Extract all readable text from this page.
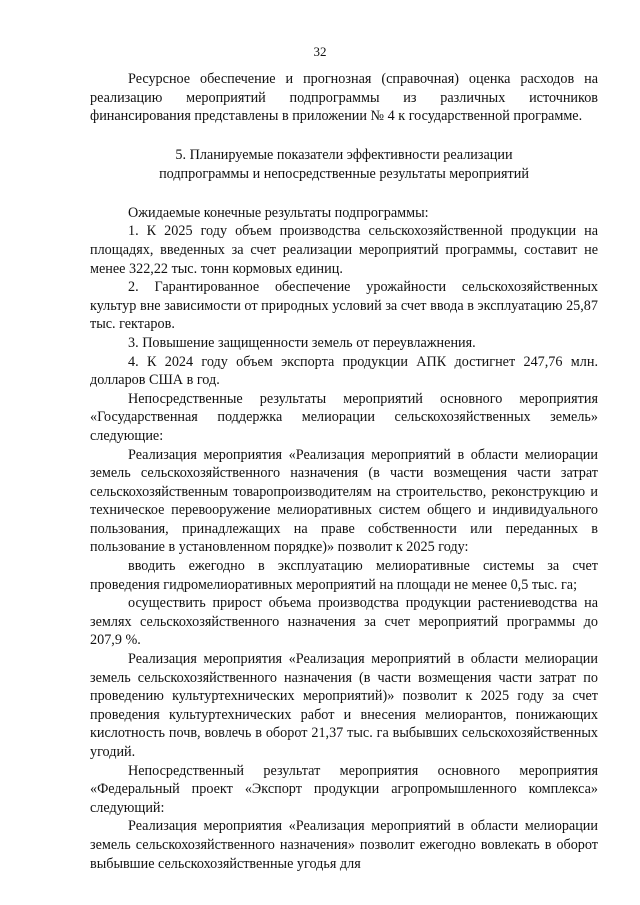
32

Ресурсное обеспечение и прогнозная (справочная) оценка расходов на реализацию мероприятий подпрограммы из различных источников финансирования представлены в приложении № 4 к государственной программе.

5. Планируемые показатели эффективности реализации
подпрограммы и непосредственные результаты мероприятий

Ожидаемые конечные результаты подпрограммы:

1. К 2025 году объем производства сельскохозяйственной продукции на площадях, введенных за счет реализации мероприятий программы, составит не менее 322,22 тыс. тонн кормовых единиц.

2. Гарантированное обеспечение урожайности сельскохозяйственных культур вне зависимости от природных условий за счет ввода в эксплуатацию 25,87 тыс. гектаров.

3. Повышение защищенности земель от переувлажнения.

4. К 2024 году объем экспорта продукции АПК достигнет 247,76 млн. долларов США в год.

Непосредственные результаты мероприятий основного мероприятия «Государственная поддержка мелиорации сельскохозяйственных земель» следующие:

Реализация мероприятия «Реализация мероприятий в области мелиорации земель сельскохозяйственного назначения (в части возмещения части затрат сельскохозяйственным товаропроизводителям на строительство, реконструкцию и техническое перевооружение мелиоративных систем общего и индивидуального пользования, принадлежащих на праве собственности или переданных в пользование в установленном порядке)» позволит к 2025 году:

вводить ежегодно в эксплуатацию мелиоративные системы за счет проведения гидромелиоративных мероприятий на площади не менее 0,5 тыс. га;

осуществить прирост объема производства продукции растениеводства на землях сельскохозяйственного назначения за счет мероприятий программы до 207,9 %.

Реализация мероприятия «Реализация мероприятий в области мелиорации земель сельскохозяйственного назначения (в части возмещения части затрат по проведению культуртехнических мероприятий)» позволит к 2025 году за счет проведения культуртехнических работ и внесения мелиорантов, понижающих кислотность почв, вовлечь в оборот 21,37 тыс. га выбывших сельскохозяйственных угодий.

Непосредственный результат мероприятия основного мероприятия «Федеральный проект «Экспорт продукции агропромышленного комплекса» следующий:

Реализация мероприятия «Реализация мероприятий в области мелиорации земель сельскохозяйственного назначения» позволит ежегодно вовлекать в оборот выбывшие сельскохозяйственные угодья для
